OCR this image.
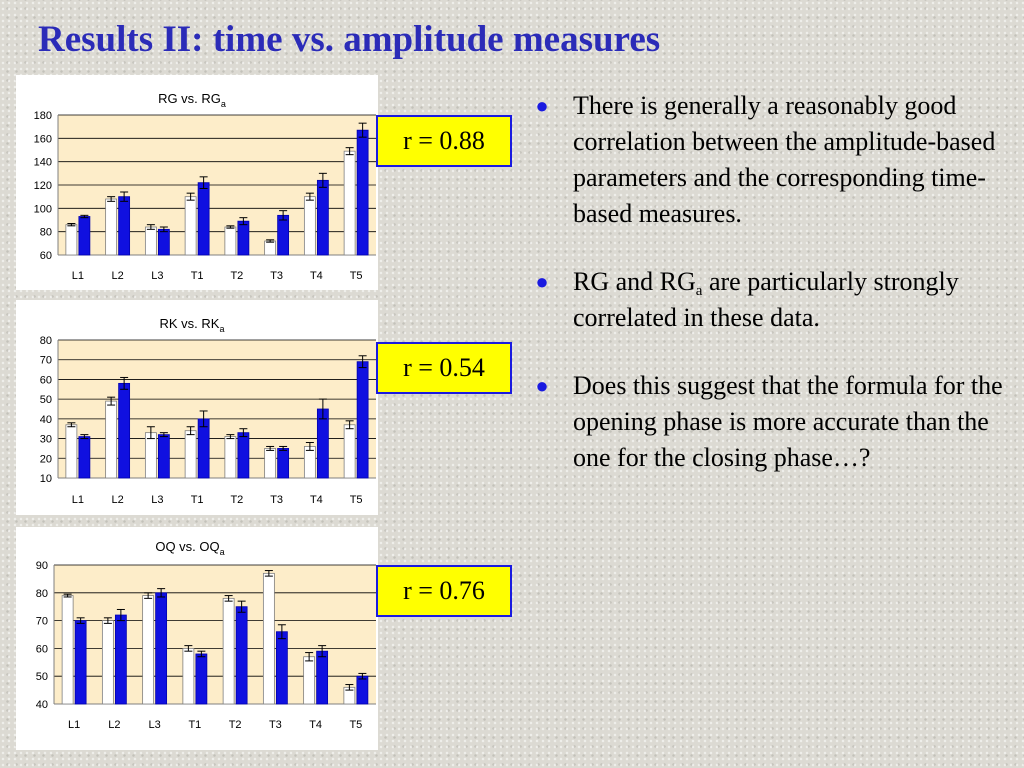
Results II: time vs. amplitude measures
RG vs. $RG_a$
60
80
100
120
140
160
180
L1	L2	L3 T1 T2 T3 T4 T5
RK vs. $RK_a$
10
20
30
40
50
60
70
80
L1	L2	L3 T1 T2 T3 T4 T5
OQ vs. $OQ_a$
40
50
60
70
80
90
L1	L2	L3	T1 T2 T3 T4 T5
r = 0.88
r = 0.54
r = 0.76
● There is generally a reasonably good correlation between the amplitude-based parameters and the corresponding time-based measures.
● RG and $RG_a$ are particularly strongly correlated in these data.
● Does this suggest that the formula for the opening phase is more accurate than the one for the closing phase…?
